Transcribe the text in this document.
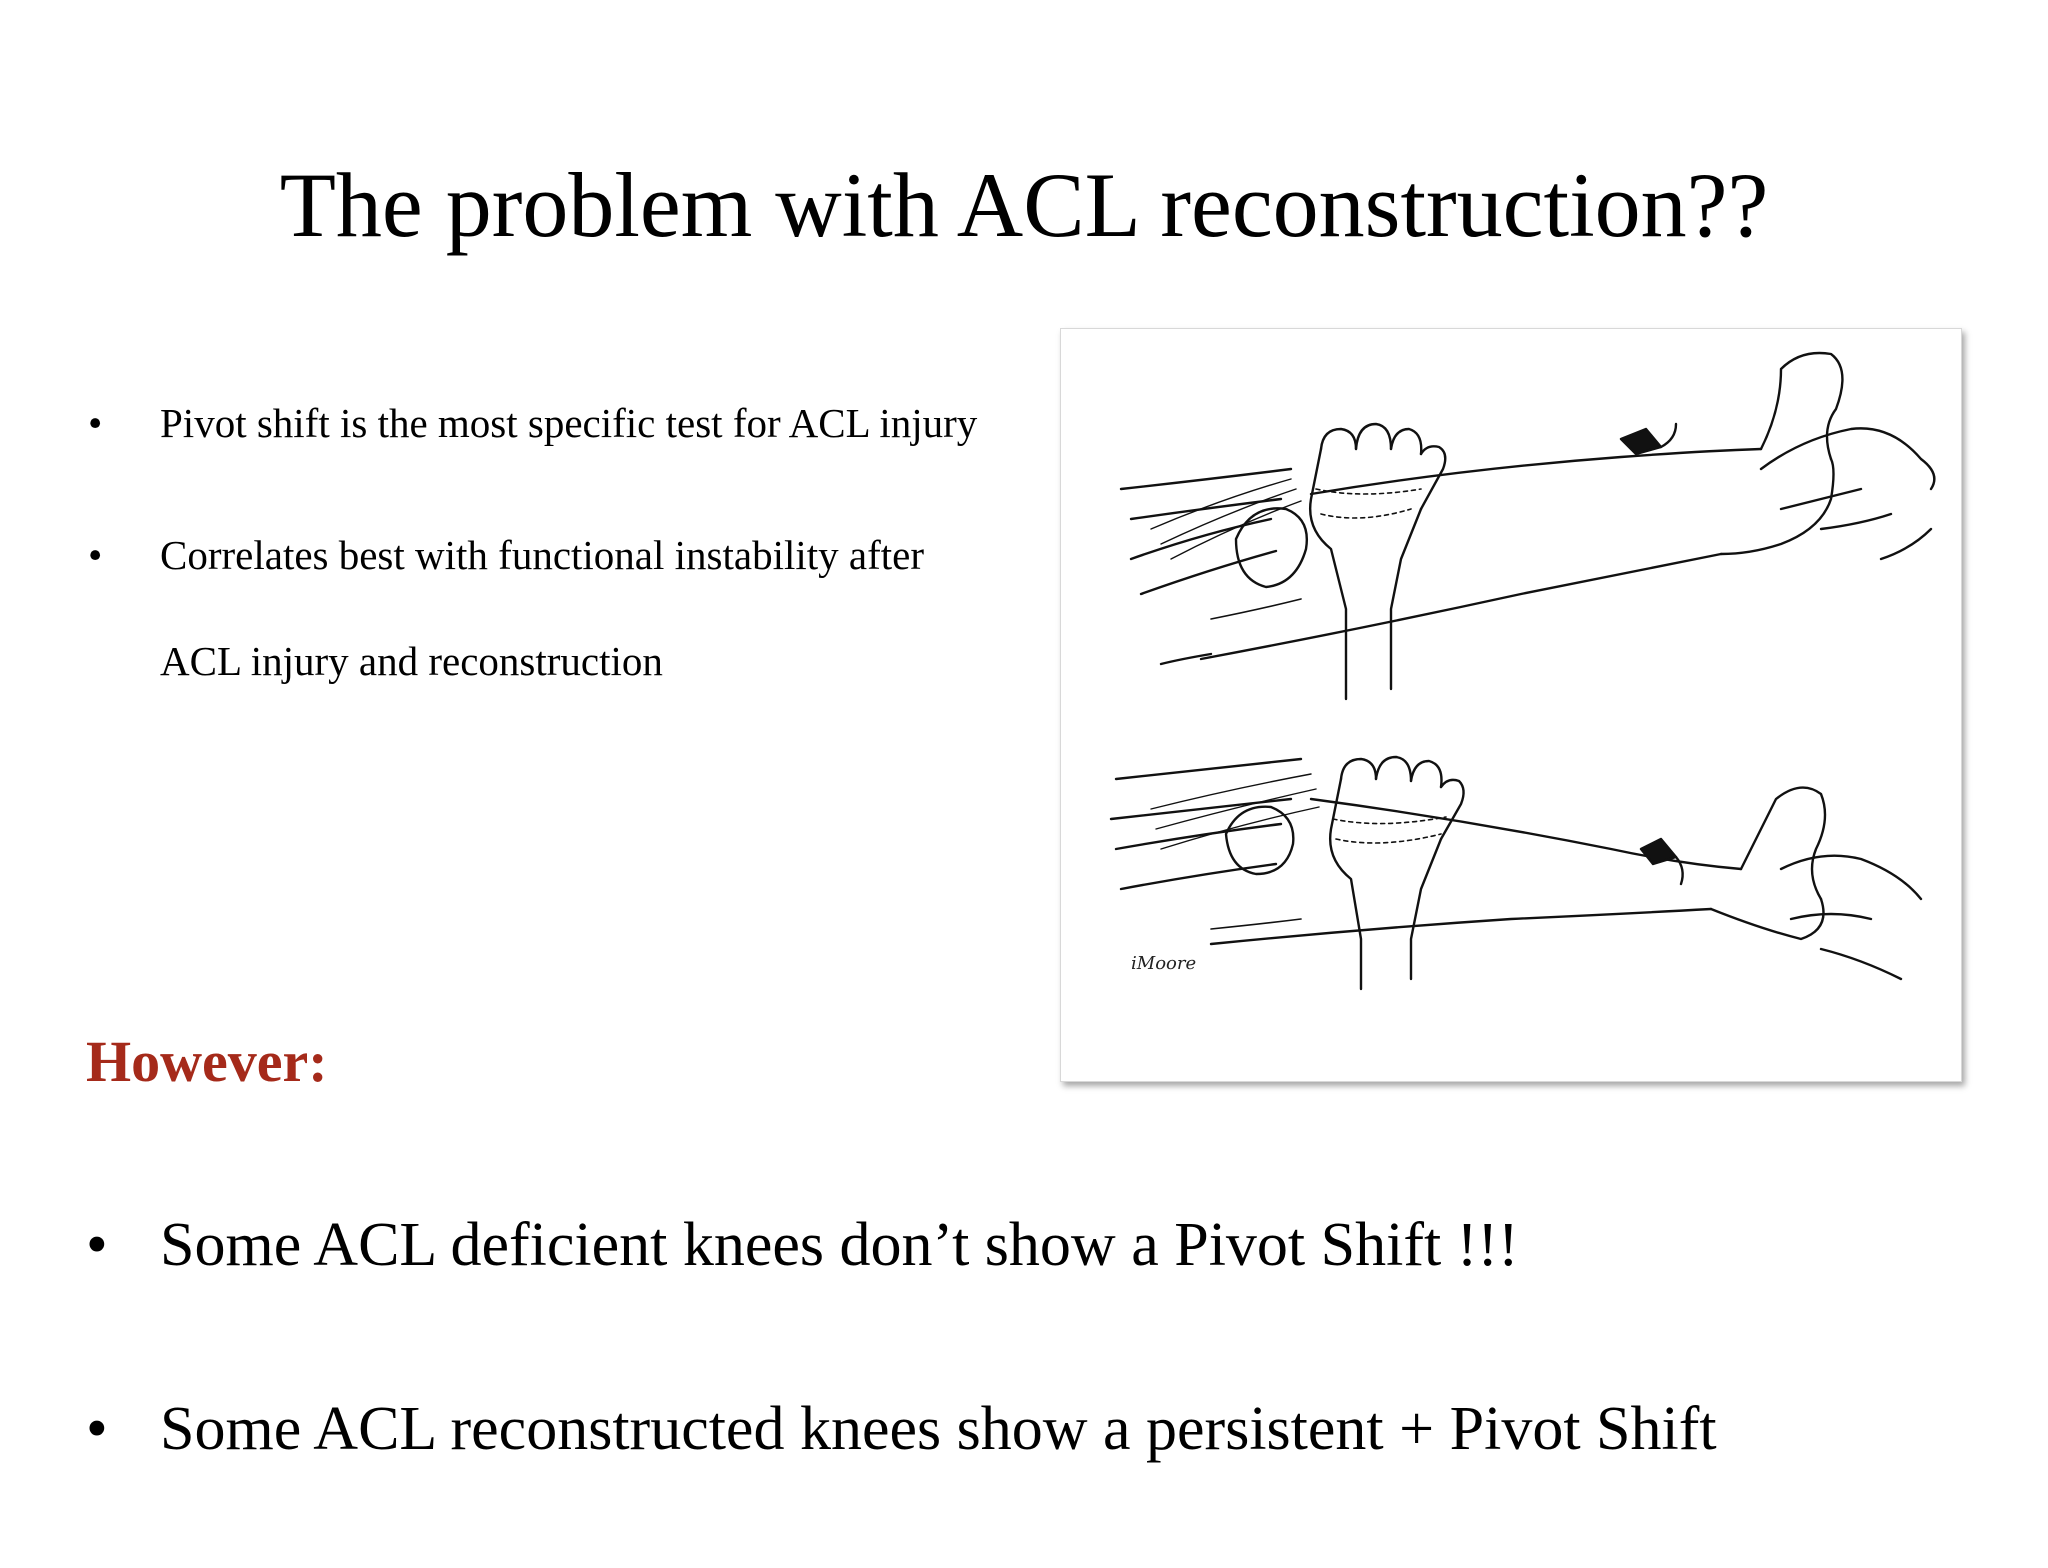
The problem with ACL reconstruction??
• Pivot shift is the most specific test for ACL injury
• Correlates best with functional instability after ACL injury and reconstruction
iMoore
However:
• Some ACL deficient knees don’t show a Pivot Shift !!!
• Some ACL reconstructed knees show a persistent + Pivot Shift
